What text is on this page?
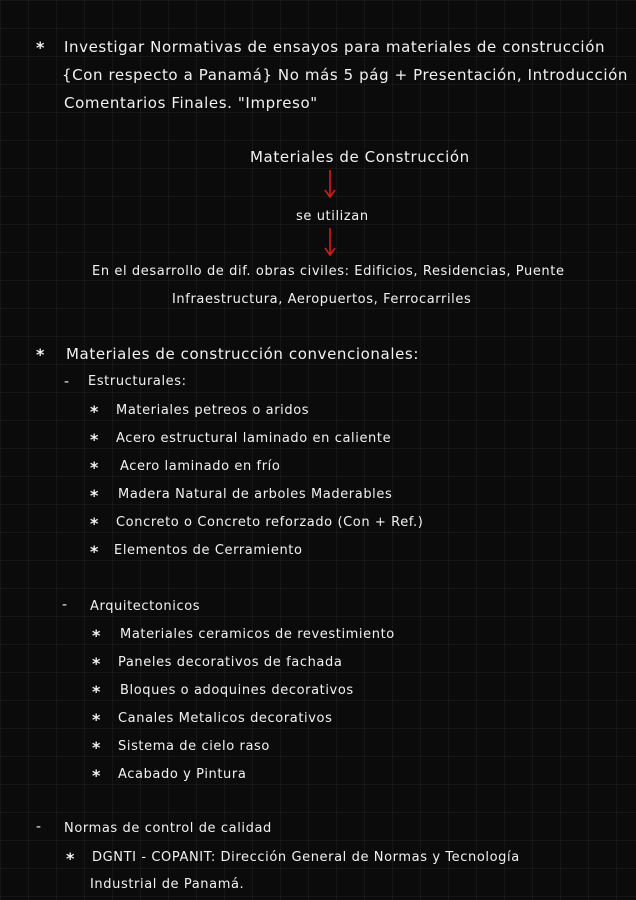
* Investigar Normativas de ensayos para materiales de construcción
{Con respecto a Panamá} No más 5 pág + Presentación, Introducción
Comentarios Finales. "Impreso"
Materiales de Construcción
se utilizan
En el desarrollo de dif. obras civiles: Edificios, Residencias, Puente
Infraestructura, Aeropuertos, Ferrocarriles
* Materiales de construcción convencionales:
- Estructurales:
* Materiales petreos o aridos
* Acero estructural laminado en caliente
* Acero laminado en frío
* Madera Natural de arboles Maderables
* Concreto o Concreto reforzado (Con + Ref.)
* Elementos de Cerramiento
- Arquitectonicos
* Materiales ceramicos de revestimiento
* Paneles decorativos de fachada
* Bloques o adoquines decorativos
* Canales Metalicos decorativos
* Sistema de cielo raso
* Acabado y Pintura
- Normas de control de calidad
* DGNTI - COPANIT: Dirección General de Normas y Tecnología
Industrial de Panamá.
